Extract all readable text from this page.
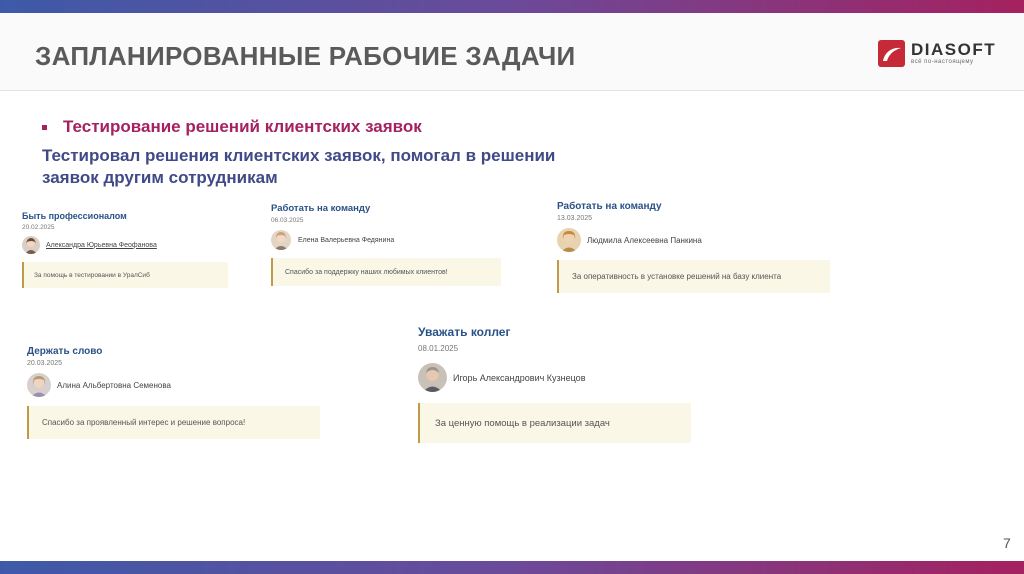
ЗАПЛАНИРОВАННЫЕ РАБОЧИЕ ЗАДАЧИ	DIASOFT
всё по-настоящему
Тестирование решений клиентских заявок
Тестировал решения клиентских заявок, помогал в решении заявок другим сотрудникам
Быть профессионалом
20.02.2025
Александра Юрьевна Феофанова
За помощь в тестировании в УралСиб
Работать на команду
06.03.2025
Елена Валерьевна Федянина
Спасибо за поддержку наших любимых клиентов!
Работать на команду
13.03.2025
Людмила Алексеевна Панкина
За оперативность в установке решений на базу клиента
Держать слово
20.03.2025
Алина Альбертовна Семенова
Спасибо за проявленный интерес и решение вопроса!
Уважать коллег
08.01.2025
Игорь Александрович Кузнецов
За ценную помощь в реализации задач
7
